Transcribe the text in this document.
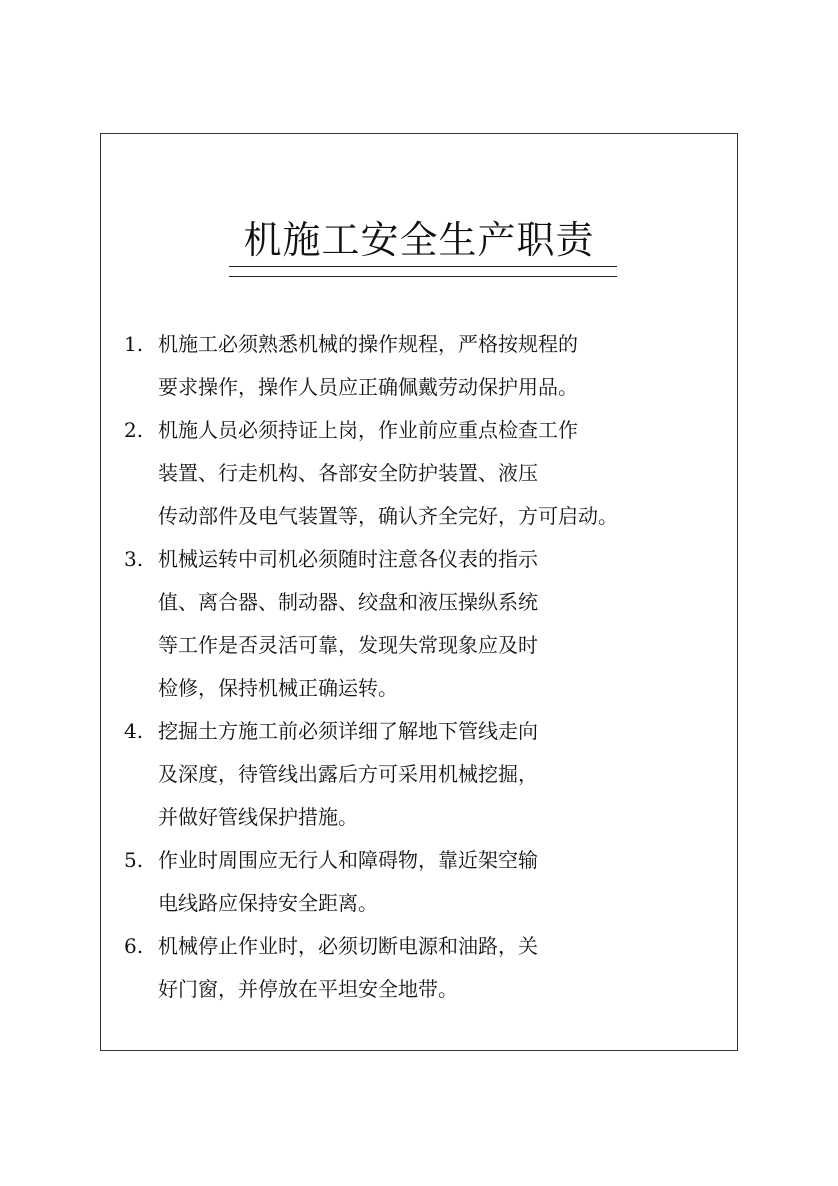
机施工安全生产职责
1. 机施工必须熟悉机械的操作规程，严格按规程的
要求操作，操作人员应正确佩戴劳动保护用品。
2. 机施人员必须持证上岗，作业前应重点检查工作
装置、行走机构、各部安全防护装置、液压
传动部件及电气装置等，确认齐全完好，方可启动。
3. 机械运转中司机必须随时注意各仪表的指示
值、离合器、制动器、绞盘和液压操纵系统
等工作是否灵活可靠，发现失常现象应及时
检修，保持机械正确运转。
4. 挖掘土方施工前必须详细了解地下管线走向
及深度，待管线出露后方可采用机械挖掘，
并做好管线保护措施。
5. 作业时周围应无行人和障碍物，靠近架空输
电线路应保持安全距离。
6. 机械停止作业时，必须切断电源和油路，关
好门窗，并停放在平坦安全地带。
